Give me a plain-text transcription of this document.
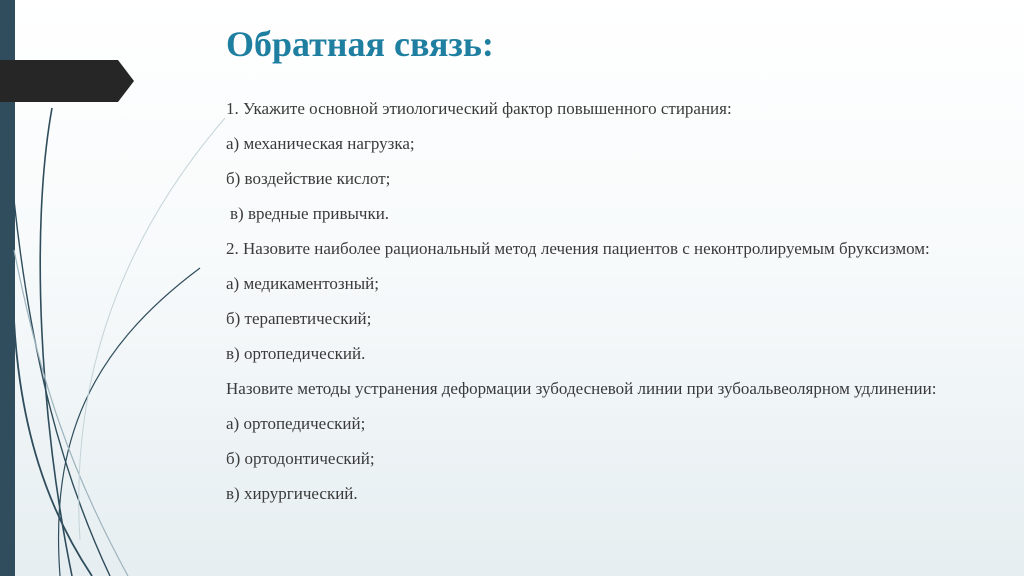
Обратная связь:

1. Укажите основной этиологический фактор повышенного стирания:

а) механическая нагрузка;

б) воздействие кислот;

в) вредные привычки.

2. Назовите наиболее рациональный метод лечения пациентов с неконтролируемым бруксизмом:

а) медикаментозный;

б) терапевтический;

в) ортопедический.

Назовите методы устранения деформации зубодесневой линии при зубоальвеолярном удлинении:

а) ортопедический;

б) ортодонтический;

в) хирургический.
